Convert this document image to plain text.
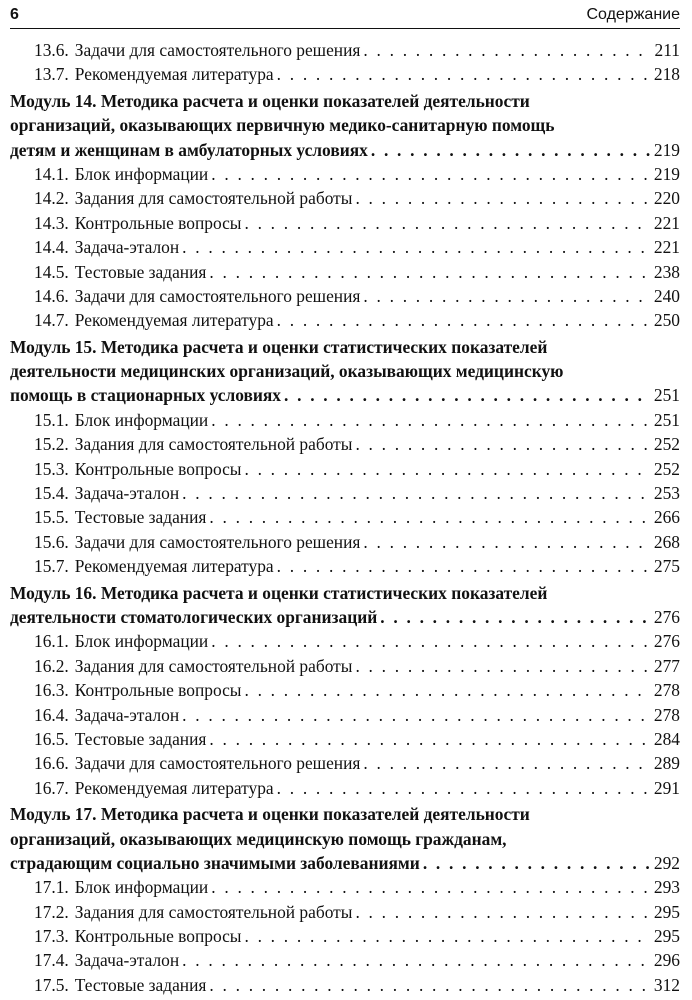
6	Содержание
13.6. Задачи для самостоятельного решения . . .	211
13.7. Рекомендуемая литература . . .	218
Модуль 14. Методика расчета и оценки показателей деятельности
организаций, оказывающих первичную медико-санитарную помощь
детям и женщинам в амбулаторных условиях . . .	219
14.1. Блок информации . . .	219
14.2. Задания для самостоятельной работы . . .	220
14.3. Контрольные вопросы . . .	221
14.4. Задача-эталон . . .	221
14.5. Тестовые задания . . .	238
14.6. Задачи для самостоятельного решения . . .	240
14.7. Рекомендуемая литература . . .	250
Модуль 15. Методика расчета и оценки статистических показателей
деятельности медицинских организаций, оказывающих медицинскую
помощь в стационарных условиях . . .	251
15.1. Блок информации . . .	251
15.2. Задания для самостоятельной работы . . .	252
15.3. Контрольные вопросы . . .	252
15.4. Задача-эталон . . .	253
15.5. Тестовые задания . . .	266
15.6. Задачи для самостоятельного решения . . .	268
15.7. Рекомендуемая литература . . .	275
Модуль 16. Методика расчета и оценки статистических показателей
деятельности стоматологических организаций . . .	276
16.1. Блок информации . . .	276
16.2. Задания для самостоятельной работы . . .	277
16.3. Контрольные вопросы . . .	278
16.4. Задача-эталон . . .	278
16.5. Тестовые задания . . .	284
16.6. Задачи для самостоятельного решения . . .	289
16.7. Рекомендуемая литература . . .	291
Модуль 17. Методика расчета и оценки показателей деятельности
организаций, оказывающих медицинскую помощь гражданам,
страдающим социально значимыми заболеваниями . . .	292
17.1. Блок информации . . .	293
17.2. Задания для самостоятельной работы . . .	295
17.3. Контрольные вопросы . . .	295
17.4. Задача-эталон . . .	296
17.5. Тестовые задания . . .	312
